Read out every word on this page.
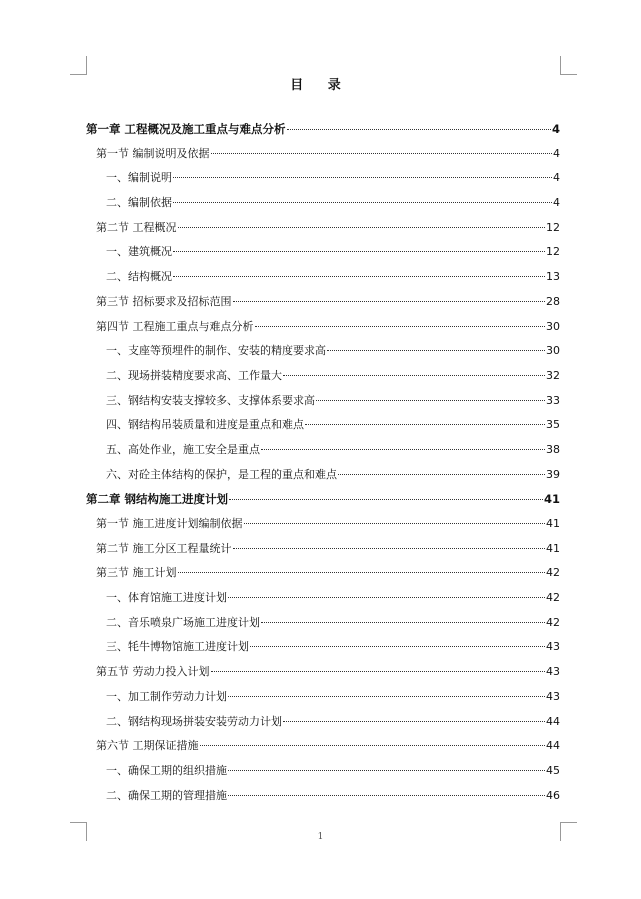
目 录
第一章 工程概况及施工重点与难点分析	4
第一节 编制说明及依据	4
一、编制说明	4
二、编制依据	4
第二节 工程概况	12
一、建筑概况	12
二、结构概况	13
第三节 招标要求及招标范围	28
第四节 工程施工重点与难点分析	30
一、支座等预埋件的制作、安装的精度要求高	30
二、现场拼装精度要求高、工作量大	32
三、钢结构安装支撑较多、支撑体系要求高	33
四、钢结构吊装质量和进度是重点和难点	35
五、高处作业，施工安全是重点	38
六、对砼主体结构的保护，是工程的重点和难点	39
第二章 钢结构施工进度计划	41
第一节 施工进度计划编制依据	41
第二节 施工分区工程量统计	41
第三节 施工计划	42
一、体育馆施工进度计划	42
二、音乐喷泉广场施工进度计划	42
三、牦牛博物馆施工进度计划	43
第五节 劳动力投入计划	43
一、加工制作劳动力计划	43
二、钢结构现场拼装安装劳动力计划	44
第六节 工期保证措施	44
一、确保工期的组织措施	45
二、确保工期的管理措施	46
1
